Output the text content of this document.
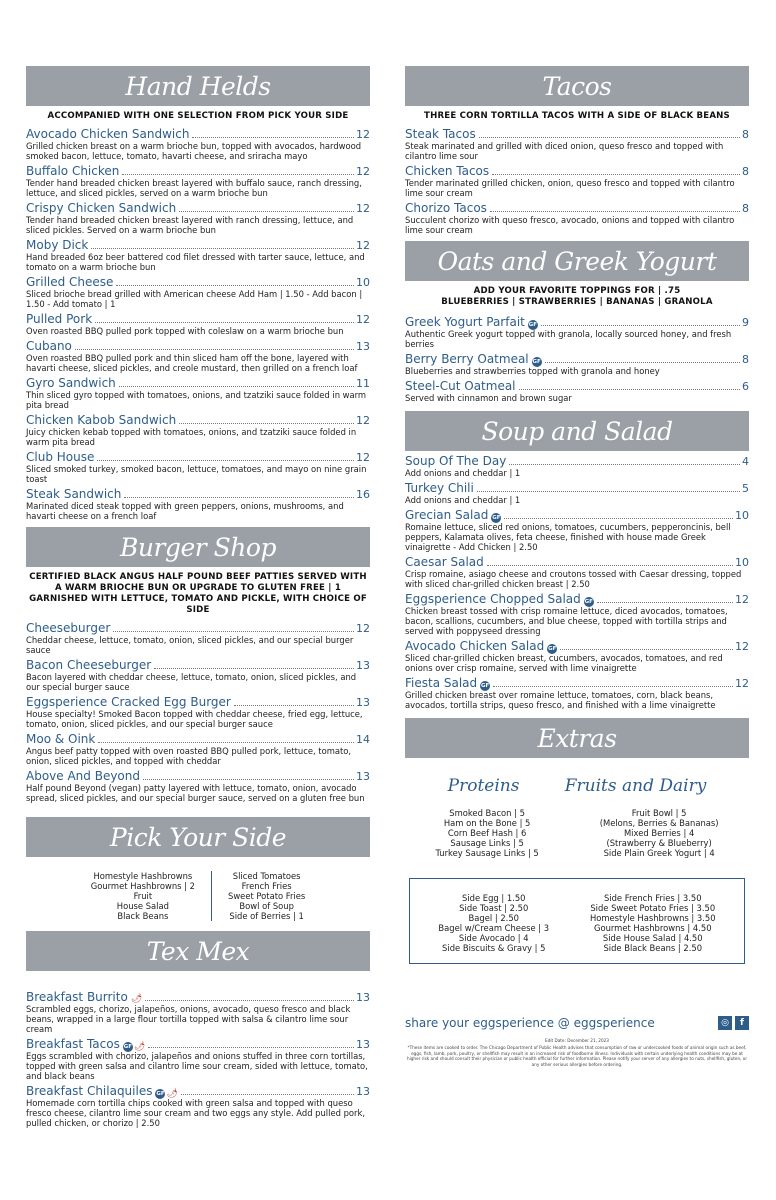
Hand Helds
ACCOMPANIED WITH ONE SELECTION FROM PICK YOUR SIDE
Avocado Chicken Sandwich	12
Grilled chicken breast on a warm brioche bun, topped with avocados, hardwood smoked bacon, lettuce, tomato, havarti cheese, and sriracha mayo
Buffalo Chicken	12
Tender hand breaded chicken breast layered with buffalo sauce, ranch dressing, lettuce, and sliced pickles, served on a warm brioche bun
Crispy Chicken Sandwich	12
Tender hand breaded chicken breast layered with ranch dressing, lettuce, and sliced pickles. Served on a warm brioche bun
Moby Dick	12
Hand breaded 6oz beer battered cod filet dressed with tarter sauce, lettuce, and tomato on a warm brioche bun
Grilled Cheese	10
Sliced brioche bread grilled with American cheese Add Ham | 1.50 - Add bacon | 1.50 - Add tomato | 1
Pulled Pork	12
Oven roasted BBQ pulled pork topped with coleslaw on a warm brioche bun
Cubano	13
Oven roasted BBQ pulled pork and thin sliced ham off the bone, layered with havarti cheese, sliced pickles, and creole mustard, then grilled on a french loaf
Gyro Sandwich	11
Thin sliced gyro topped with tomatoes, onions, and tzatziki sauce folded in warm pita bread
Chicken Kabob Sandwich	12
Juicy chicken kebab topped with tomatoes, onions, and tzatziki sauce folded in warm pita bread
Club House	12
Sliced smoked turkey, smoked bacon, lettuce, tomatoes, and mayo on nine grain toast
Steak Sandwich	16
Marinated diced steak topped with green peppers, onions, mushrooms, and havarti cheese on a french loaf
Burger Shop
CERTIFIED BLACK ANGUS HALF POUND BEEF PATTIES SERVED WITH A WARM BRIOCHE BUN OR UPGRADE TO GLUTEN FREE | 1 GARNISHED WITH LETTUCE, TOMATO AND PICKLE, WITH CHOICE OF SIDE
Cheeseburger	12
Cheddar cheese, lettuce, tomato, onion, sliced pickles, and our special burger sauce
Bacon Cheeseburger	13
Bacon layered with cheddar cheese, lettuce, tomato, onion, sliced pickles, and our special burger sauce
Eggsperience Cracked Egg Burger	13
House specialty! Smoked Bacon topped with cheddar cheese, fried egg, lettuce, tomato, onion, sliced pickles, and our special burger sauce
Moo & Oink	14
Angus beef patty topped with oven roasted BBQ pulled pork, lettuce, tomato, onion, sliced pickles, and topped with cheddar
Above And Beyond	13
Half pound Beyond (vegan) patty layered with lettuce, tomato, onion, avocado spread, sliced pickles, and our special burger sauce, served on a gluten free bun
Pick Your Side
Homestyle Hashbrowns
Gourmet Hashbrowns | 2
Fruit
House Salad
Black Beans
Sliced Tomatoes
French Fries
Sweet Potato Fries
Bowl of Soup
Side of Berries | 1
Tex Mex
Breakfast Burrito 🌶	13
Scrambled eggs, chorizo, jalapeños, onions, avocado, queso fresco and black beans, wrapped in a large flour tortilla topped with salsa & cilantro lime sour cream
Breakfast Tacos GF 🌶	13
Eggs scrambled with chorizo, jalapeños and onions stuffed in three corn tortillas, topped with green salsa and cilantro lime sour cream, sided with lettuce, tomato, and black beans
Breakfast Chilaquiles GF 🌶	13
Homemade corn tortilla chips cooked with green salsa and topped with queso fresco cheese, cilantro lime sour cream and two eggs any style. Add pulled pork, pulled chicken, or chorizo | 2.50
Tacos
THREE CORN TORTILLA TACOS WITH A SIDE OF BLACK BEANS
Steak Tacos	8
Steak marinated and grilled with diced onion, queso fresco and topped with cilantro lime sour
Chicken Tacos	8
Tender marinated grilled chicken, onion, queso fresco and topped with cilantro lime sour cream
Chorizo Tacos	8
Succulent chorizo with queso fresco, avocado, onions and topped with cilantro lime sour cream
Oats and Greek Yogurt
ADD YOUR FAVORITE TOPPINGS FOR | .75
BLUEBERRIES | STRAWBERRIES | BANANAS | GRANOLA
Greek Yogurt Parfait GF	9
Authentic Greek yogurt topped with granola, locally sourced honey, and fresh berries
Berry Berry Oatmeal GF	8
Blueberries and strawberries topped with granola and honey
Steel-Cut Oatmeal	6
Served with cinnamon and brown sugar
Soup and Salad
Soup Of The Day	4
Add onions and cheddar | 1
Turkey Chili	5
Add onions and cheddar | 1
Grecian Salad GF	10
Romaine lettuce, sliced red onions, tomatoes, cucumbers, pepperoncinis, bell peppers, Kalamata olives, feta cheese, finished with house made Greek vinaigrette - Add Chicken | 2.50
Caesar Salad	10
Crisp romaine, asiago cheese and croutons tossed with Caesar dressing, topped with sliced char-grilled chicken breast | 2.50
Eggsperience Chopped Salad GF	12
Chicken breast tossed with crisp romaine lettuce, diced avocados, tomatoes, bacon, scallions, cucumbers, and blue cheese, topped with tortilla strips and served with poppyseed dressing
Avocado Chicken Salad GF	12
Sliced char-grilled chicken breast, cucumbers, avocados, tomatoes, and red onions over crisp romaine, served with lime vinaigrette
Fiesta Salad GF	12
Grilled chicken breast over romaine lettuce, tomatoes, corn, black beans, avocados, tortilla strips, queso fresco, and finished with a lime vinaigrette
Extras
Proteins	Fruits and Dairy
Smoked Bacon | 5
Ham on the Bone | 5
Corn Beef Hash | 6
Sausage Links | 5
Turkey Sausage Links | 5
Fruit Bowl | 5
(Melons, Berries & Bananas)
Mixed Berries | 4
(Strawberry & Blueberry)
Side Plain Greek Yogurt | 4
Side Egg | 1.50
Side Toast | 2.50
Bagel | 2.50
Bagel w/Cream Cheese | 3
Side Avocado | 4
Side Biscuits & Gravy | 5
Side French Fries | 3.50
Side Sweet Potato Fries | 3.50
Homestyle Hashbrowns | 3.50
Gourmet Hashbrowns | 4.50
Side House Salad | 4.50
Side Black Beans | 2.50
share your eggsperience @ eggsperience	◎	f
Edit Date: December 21, 2023
*These items are cooked to order. The Chicago Department of Public Health advises that consumption of raw or undercooked foods of animal origin such as beef, eggs, fish, lamb, pork, poultry, or shellfish may result in an increased risk of foodborne illness. Individuals with certain underlying health conditions may be at higher risk and should consult their physician or public health official for further information. Please notify your server of any allergies to nuts, shellfish, gluten, or any other serious allergies before ordering.
